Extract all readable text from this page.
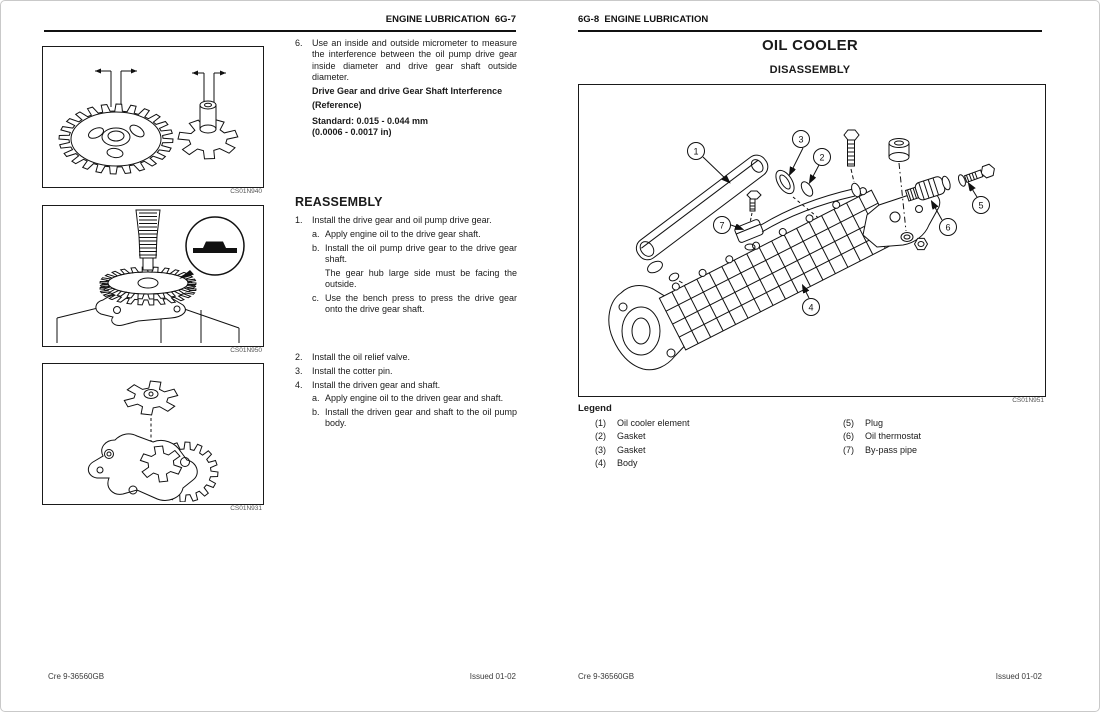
ENGINE LUBRICATION  6G-7
CS01N940
CS01N950
CS01N931
6.	Use an inside and outside micrometer to measure the interference between the oil pump drive gear inside diameter and drive gear shaft outside diameter.
Drive Gear and drive Gear Shaft Interference
(Reference)
Standard: 0.015 - 0.044 mm
(0.0006 - 0.0017 in)
REASSEMBLY
1.	Install the drive gear and oil pump drive gear.
a. Apply engine oil to the drive gear shaft.
b. Install the oil pump drive gear to the drive gear shaft.
The gear hub large side must be facing the outside.
c. Use the bench press to press the drive gear onto the drive gear shaft.
2.	Install the oil relief valve.
3.	Install the cotter pin.
4.	Install the driven gear and shaft.
a. Apply engine oil to the driven gear and shaft.
b. Install the driven gear and shaft to the oil pump body.
Cre 9-36560GB	Issued 01-02
6G-8  ENGINE LUBRICATION
OIL COOLER
DISASSEMBLY
1
3
2
7
4
6
5
CS01N951
Legend
(1)	Oil cooler element
(2)	Gasket
(3)	Gasket
(4)	Body
(5)	Plug
(6)	Oil thermostat
(7)	By-pass pipe
Cre 9-36560GB	Issued 01-02
